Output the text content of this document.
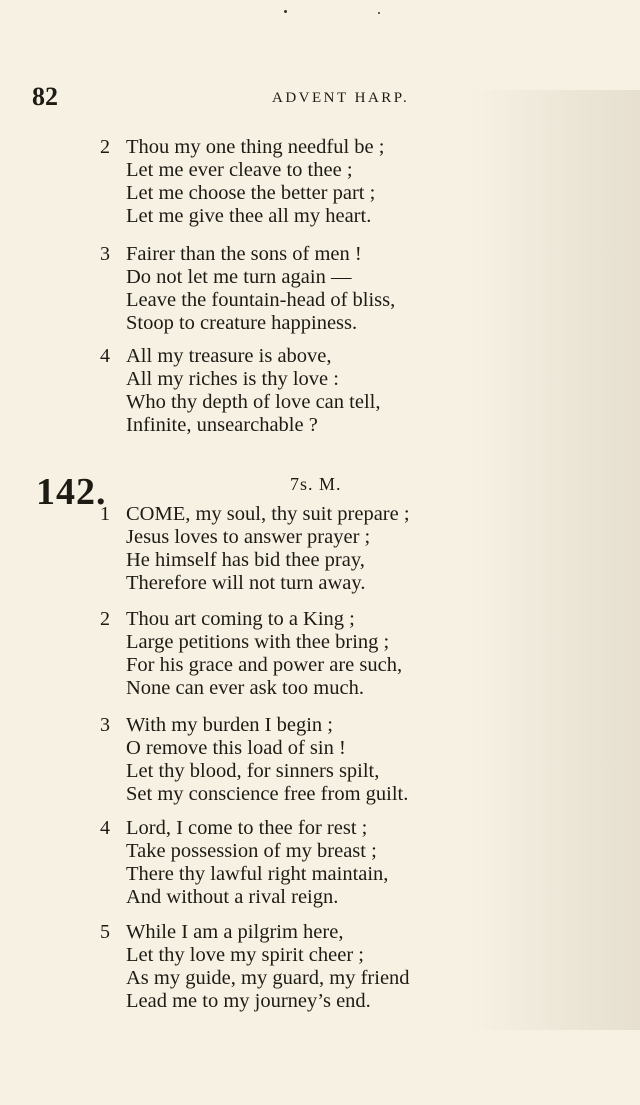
82	ADVENT HARP.
2 Thou my one thing needful be ;
Let me ever cleave to thee ;
Let me choose the better part ;
Let me give thee all my heart.
3 Fairer than the sons of men !
Do not let me turn again —
Leave the fountain-head of bliss,
Stoop to creature happiness.
4 All my treasure is above,
All my riches is thy love :
Who thy depth of love can tell,
Infinite, unsearchable ?
142.	7s. M.
1 COME, my soul, thy suit prepare ;
Jesus loves to answer prayer ;
He himself has bid thee pray,
Therefore will not turn away.
2 Thou art coming to a King ;
Large petitions with thee bring ;
For his grace and power are such,
None can ever ask too much.
3 With my burden I begin ;
O remove this load of sin !
Let thy blood, for sinners spilt,
Set my conscience free from guilt.
4 Lord, I come to thee for rest ;
Take possession of my breast ;
There thy lawful right maintain,
And without a rival reign.
5 While I am a pilgrim here,
Let thy love my spirit cheer ;
As my guide, my guard, my friend
Lead me to my journey’s end.
